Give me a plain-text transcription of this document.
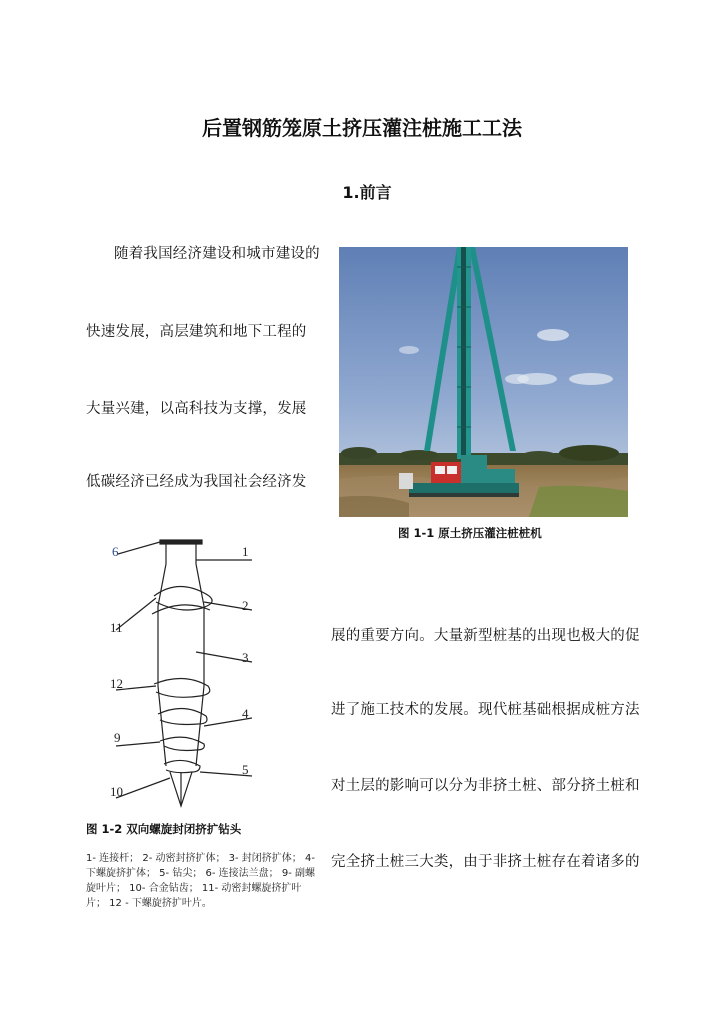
后置钢筋笼原土挤压灌注桩施工工法
1.前言
随着我国经济建设和城市建设的
快速发展，高层建筑和地下工程的
大量兴建，以高科技为支撑，发展
低碳经济已经成为我国社会经济发
图 1-1 原土挤压灌注桩桩机
6	1
2
11
3
12
4
9
5
10
图 1-2 双向螺旋封闭挤扩钻头
1- 连接杆； 2- 动密封挤扩体； 3- 封闭挤扩体； 4- 下螺旋挤扩体； 5- 钻尖； 6- 连接法兰盘； 9- 副螺旋叶片； 10- 合金钻齿； 11- 动密封螺旋挤扩叶片； 12 - 下螺旋挤扩叶片。
展的重要方向。大量新型桩基的出现也极大的促
进了施工技术的发展。现代桩基础根据成桩方法
对土层的影响可以分为非挤土桩、部分挤土桩和
完全挤土桩三大类，由于非挤土桩存在着诸多的
